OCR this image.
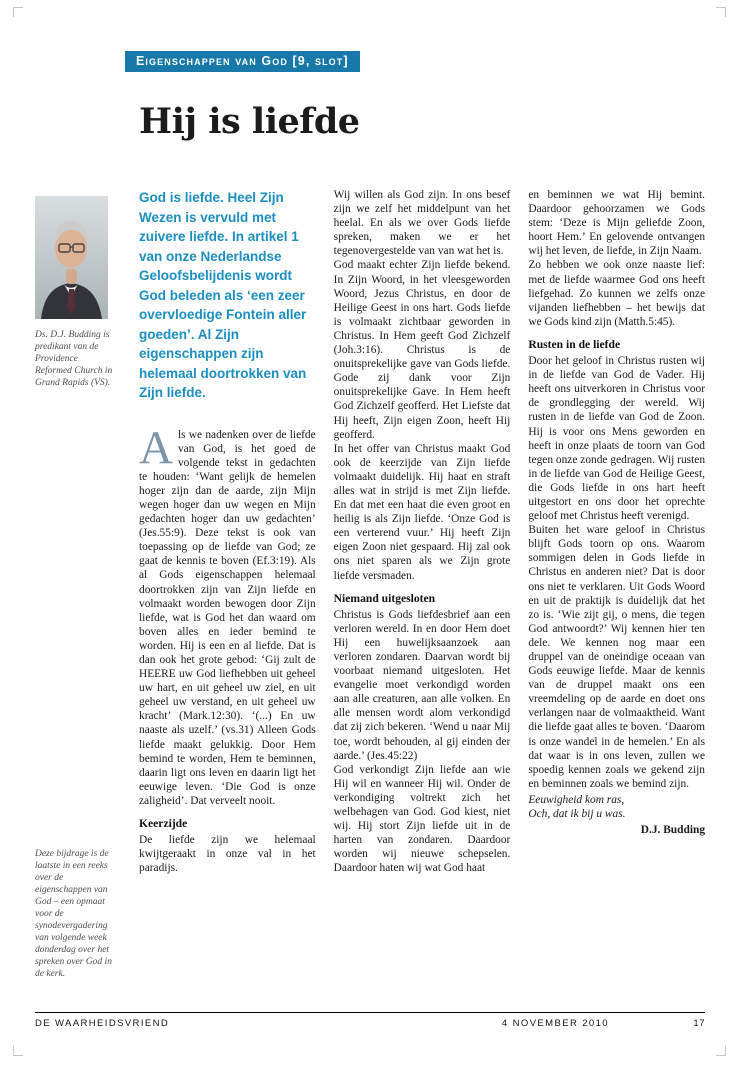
Eigenschappen van God [9, slot]
Hij is liefde
Ds. D.J. Budding is predikant van de Providence Reformed Church in Grand Rapids (VS).
Deze bijdrage is de laatste in een reeks over de eigenschappen van God – een opmaat voor de synodevergadering van volgende week donderdag over het spreken over God in de kerk.
God is liefde. Heel Zijn Wezen is vervuld met zuivere liefde. In artikel 1 van onze Nederlandse Geloofsbelijdenis wordt God beleden als ‘een zeer overvloedige Fontein aller goeden’. Al Zijn eigenschappen zijn helemaal doortrokken van Zijn liefde.

Als we nadenken over de liefde van God, is het goed de volgende tekst in gedachten te houden: ‘Want gelijk de hemelen hoger zijn dan de aarde, zijn Mijn wegen hoger dan uw wegen en Mijn gedachten hoger dan uw gedachten’ (Jes.55:9). Deze tekst is ook van toepassing op de liefde van God; ze gaat de kennis te boven (Ef.3:19). Als al Gods eigenschappen helemaal doortrokken zijn van Zijn liefde en volmaakt worden bewogen door Zijn liefde, wat is God het dan waard om boven alles en ieder bemind te worden. Hij is een en al liefde. Dat is dan ook het grote gebod: ‘Gij zult de HEERE uw God liefhebben uit geheel uw hart, en uit geheel uw ziel, en uit geheel uw verstand, en uit geheel uw kracht’ (Mark.12:30). ‘(...) En uw naaste als uzelf.’ (vs.31) Alleen Gods liefde maakt gelukkig. Door Hem bemind te worden, Hem te beminnen, daarin ligt ons leven en daarin ligt het eeuwige leven. ‘Die God is onze zaligheid’. Dat verveelt nooit.

Keerzijde

De liefde zijn we helemaal kwijtgeraakt in onze val in het paradijs.

Wij willen als God zijn. In ons besef zijn we zelf het middelpunt van het heelal. En als we over Gods liefde spreken, maken we er het tegenovergestelde van van wat het is.

God maakt echter Zijn liefde bekend. In Zijn Woord, in het vleesgeworden Woord, Jezus Christus, en door de Heilige Geest in ons hart. Gods liefde is volmaakt zichtbaar geworden in Christus. In Hem geeft God Zichzelf (Joh.3:16). Christus is de onuitsprekelijke gave van Gods liefde. Gode zij dank voor Zijn onuitsprekelijke Gave. In Hem heeft God Zichzelf geofferd. Het Liefste dat Hij heeft, Zijn eigen Zoon, heeft Hij geofferd.

In het offer van Christus maakt God ook de keerzijde van Zijn liefde volmaakt duidelijk. Hij haat en straft alles wat in strijd is met Zijn liefde. En dat met een haat die even groot en heilig is als Zijn liefde. ‘Onze God is een verterend vuur.’ Hij heeft Zijn eigen Zoon niet gespaard. Hij zal ook ons niet sparen als we Zijn grote liefde versmaden.

Niemand uitgesloten

Christus is Gods liefdesbrief aan een verloren wereld. In en door Hem doet Hij een huwelijksaanzoek aan verloren zondaren. Daarvan wordt bij voorbaat niemand uitgesloten. Het evangelie moet verkondigd worden aan alle creaturen, aan alle volken. En alle mensen wordt alom verkondigd dat zij zich bekeren. ‘Wend u naar Mij toe, wordt behouden, al gij einden der aarde.’ (Jes.45:22)

God verkondigt Zijn liefde aan wie Hij wil en wanneer Hij wil. Onder de verkondiging voltrekt zich het welbehagen van God. God kiest, niet wij. Hij stort Zijn liefde uit in de harten van zondaren. Daardoor worden wij nieuwe schepselen. Daardoor haten wij wat God haat

en beminnen we wat Hij bemint. Daardoor gehoorzamen we Gods stem: ‘Deze is Mijn geliefde Zoon, hoort Hem.’ En gelovende ontvangen wij het leven, de liefde, in Zijn Naam.

Zo hebben we ook onze naaste lief: met de liefde waarmee God ons heeft liefgehad. Zo kunnen we zelfs onze vijanden liefhebben – het bewijs dat we Gods kind zijn (Matth.5:45).

Rusten in de liefde

Door het geloof in Christus rusten wij in de liefde van God de Vader. Hij heeft ons uitverkoren in Christus voor de grondlegging der wereld. Wij rusten in de liefde van God de Zoon. Hij is voor ons Mens geworden en heeft in onze plaats de toorn van God tegen onze zonde gedragen. Wij rusten in de liefde van God de Heilige Geest, die Gods liefde in ons hart heeft uitgestort en ons door het oprechte geloof met Christus heeft verenigd.

Buiten het ware geloof in Christus blijft Gods toorn op ons. Waarom sommigen delen in Gods liefde in Christus en anderen niet? Dat is door ons niet te verklaren. Uit Gods Woord en uit de praktijk is duidelijk dat het zo is. ‘Wie zijt gij, o mens, die tegen God antwoordt?’ Wij kennen hier ten dele. We kennen nog maar een druppel van de oneindige oceaan van Gods eeuwige liefde. Maar de kennis van de druppel maakt ons een vreemdeling op de aarde en doet ons verlangen naar de volmaaktheid. Want die liefde gaat alles te boven. ‘Daarom is onze wandel in de hemelen.’ En als dat waar is in ons leven, zullen we spoedig kennen zoals we gekend zijn en beminnen zoals we bemind zijn.

Eeuwigheid kom ras,
Och, dat ik bij u was.
D.J. Budding
DE WAARHEIDSVRIEND	4 NOVEMBER 2010	17
